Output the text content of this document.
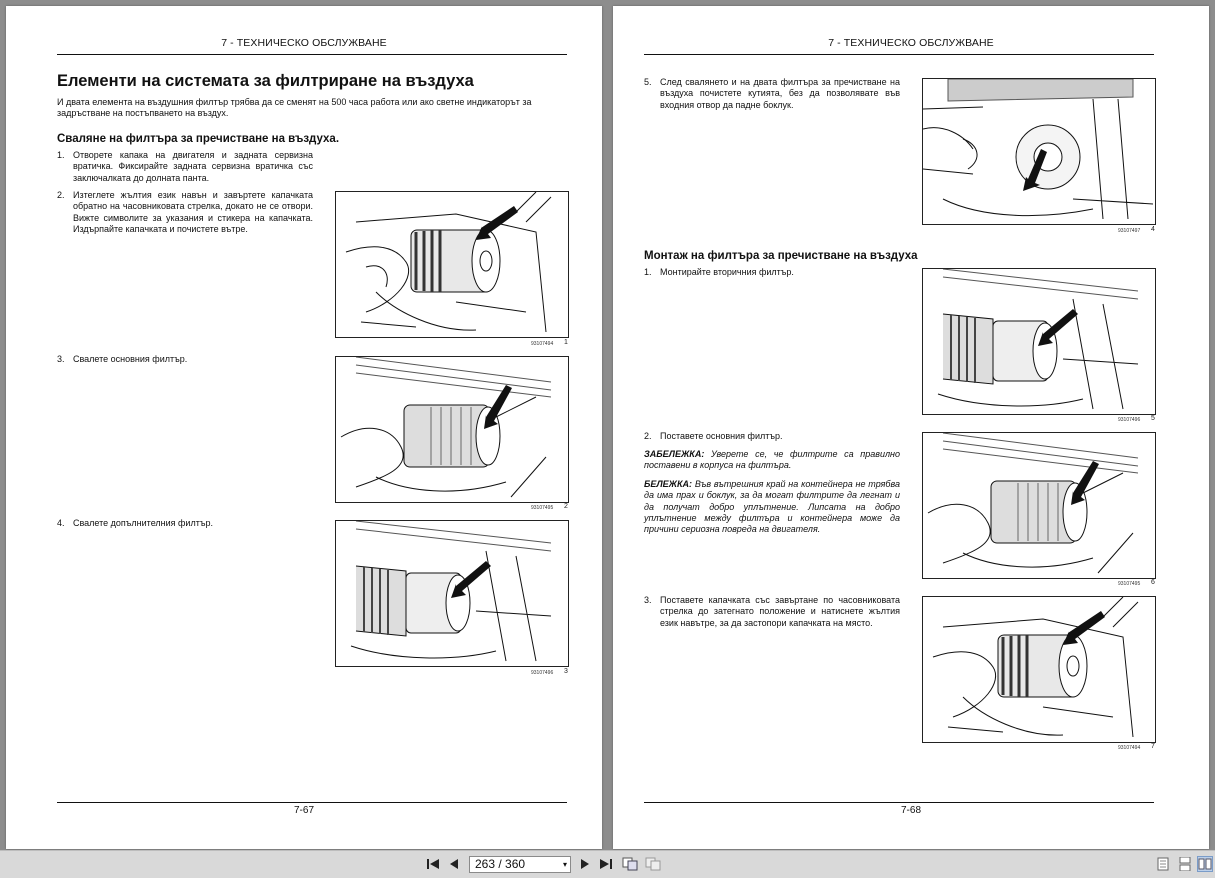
7 - ТЕХНИЧЕСКО ОБСЛУЖВАНЕ
Елементи на системата за филтриране на въздуха
И двата елемента на въздушния филтър трябва да се сменят на 500 часа работа или ако светне индикаторът за задръстване на постъпването на въздух.
Сваляне на филтъра за пречистване на въздуха.
1. Отворете капака на двигателя и задната сервизна вратичка. Фиксирайте задната сервизна вратичка със заключалката до долната панта.
2. Изтеглете жълтия език навън и завъртете капачката обратно на часовниковата стрелка, докато не се отвори. Вижте символите за указания и стикера на капачката. Издърпайте капачката и почистете вътре.
3. Свалете основния филтър.
4. Свалете допълнителния филтър.
93107494 1
93107495 2
93107496 3
7-67
7 - ТЕХНИЧЕСКО ОБСЛУЖВАНЕ
5. След свалянето и на двата филтъра за пречистване на въздуха почистете кутията, без да позволявате във входния отвор да падне боклук.
93107497 4
Монтаж на филтъра за пречистване на въздуха
1. Монтирайте вторичния филтър.
93107496 5
2. Поставете основния филтър.
ЗАБЕЛЕЖКА: Уверете се, че филтрите са правилно поставени в корпуса на филтъра.
БЕЛЕЖКА: Във вътрешния край на контейнера не трябва да има прах и боклук, за да могат филтрите да легнат и да получат добро уплътнение. Липсата на добро уплътнение между филтъра и контейнера може да причини сериозна повреда на двигателя.
93107495 6
3. Поставете капачката със завъртане по часовниковата стрелка до затегнато положение и натиснете жълтия език навътре, за да застопори капачката на място.
93107494 7
7-68
263 / 360	▾
